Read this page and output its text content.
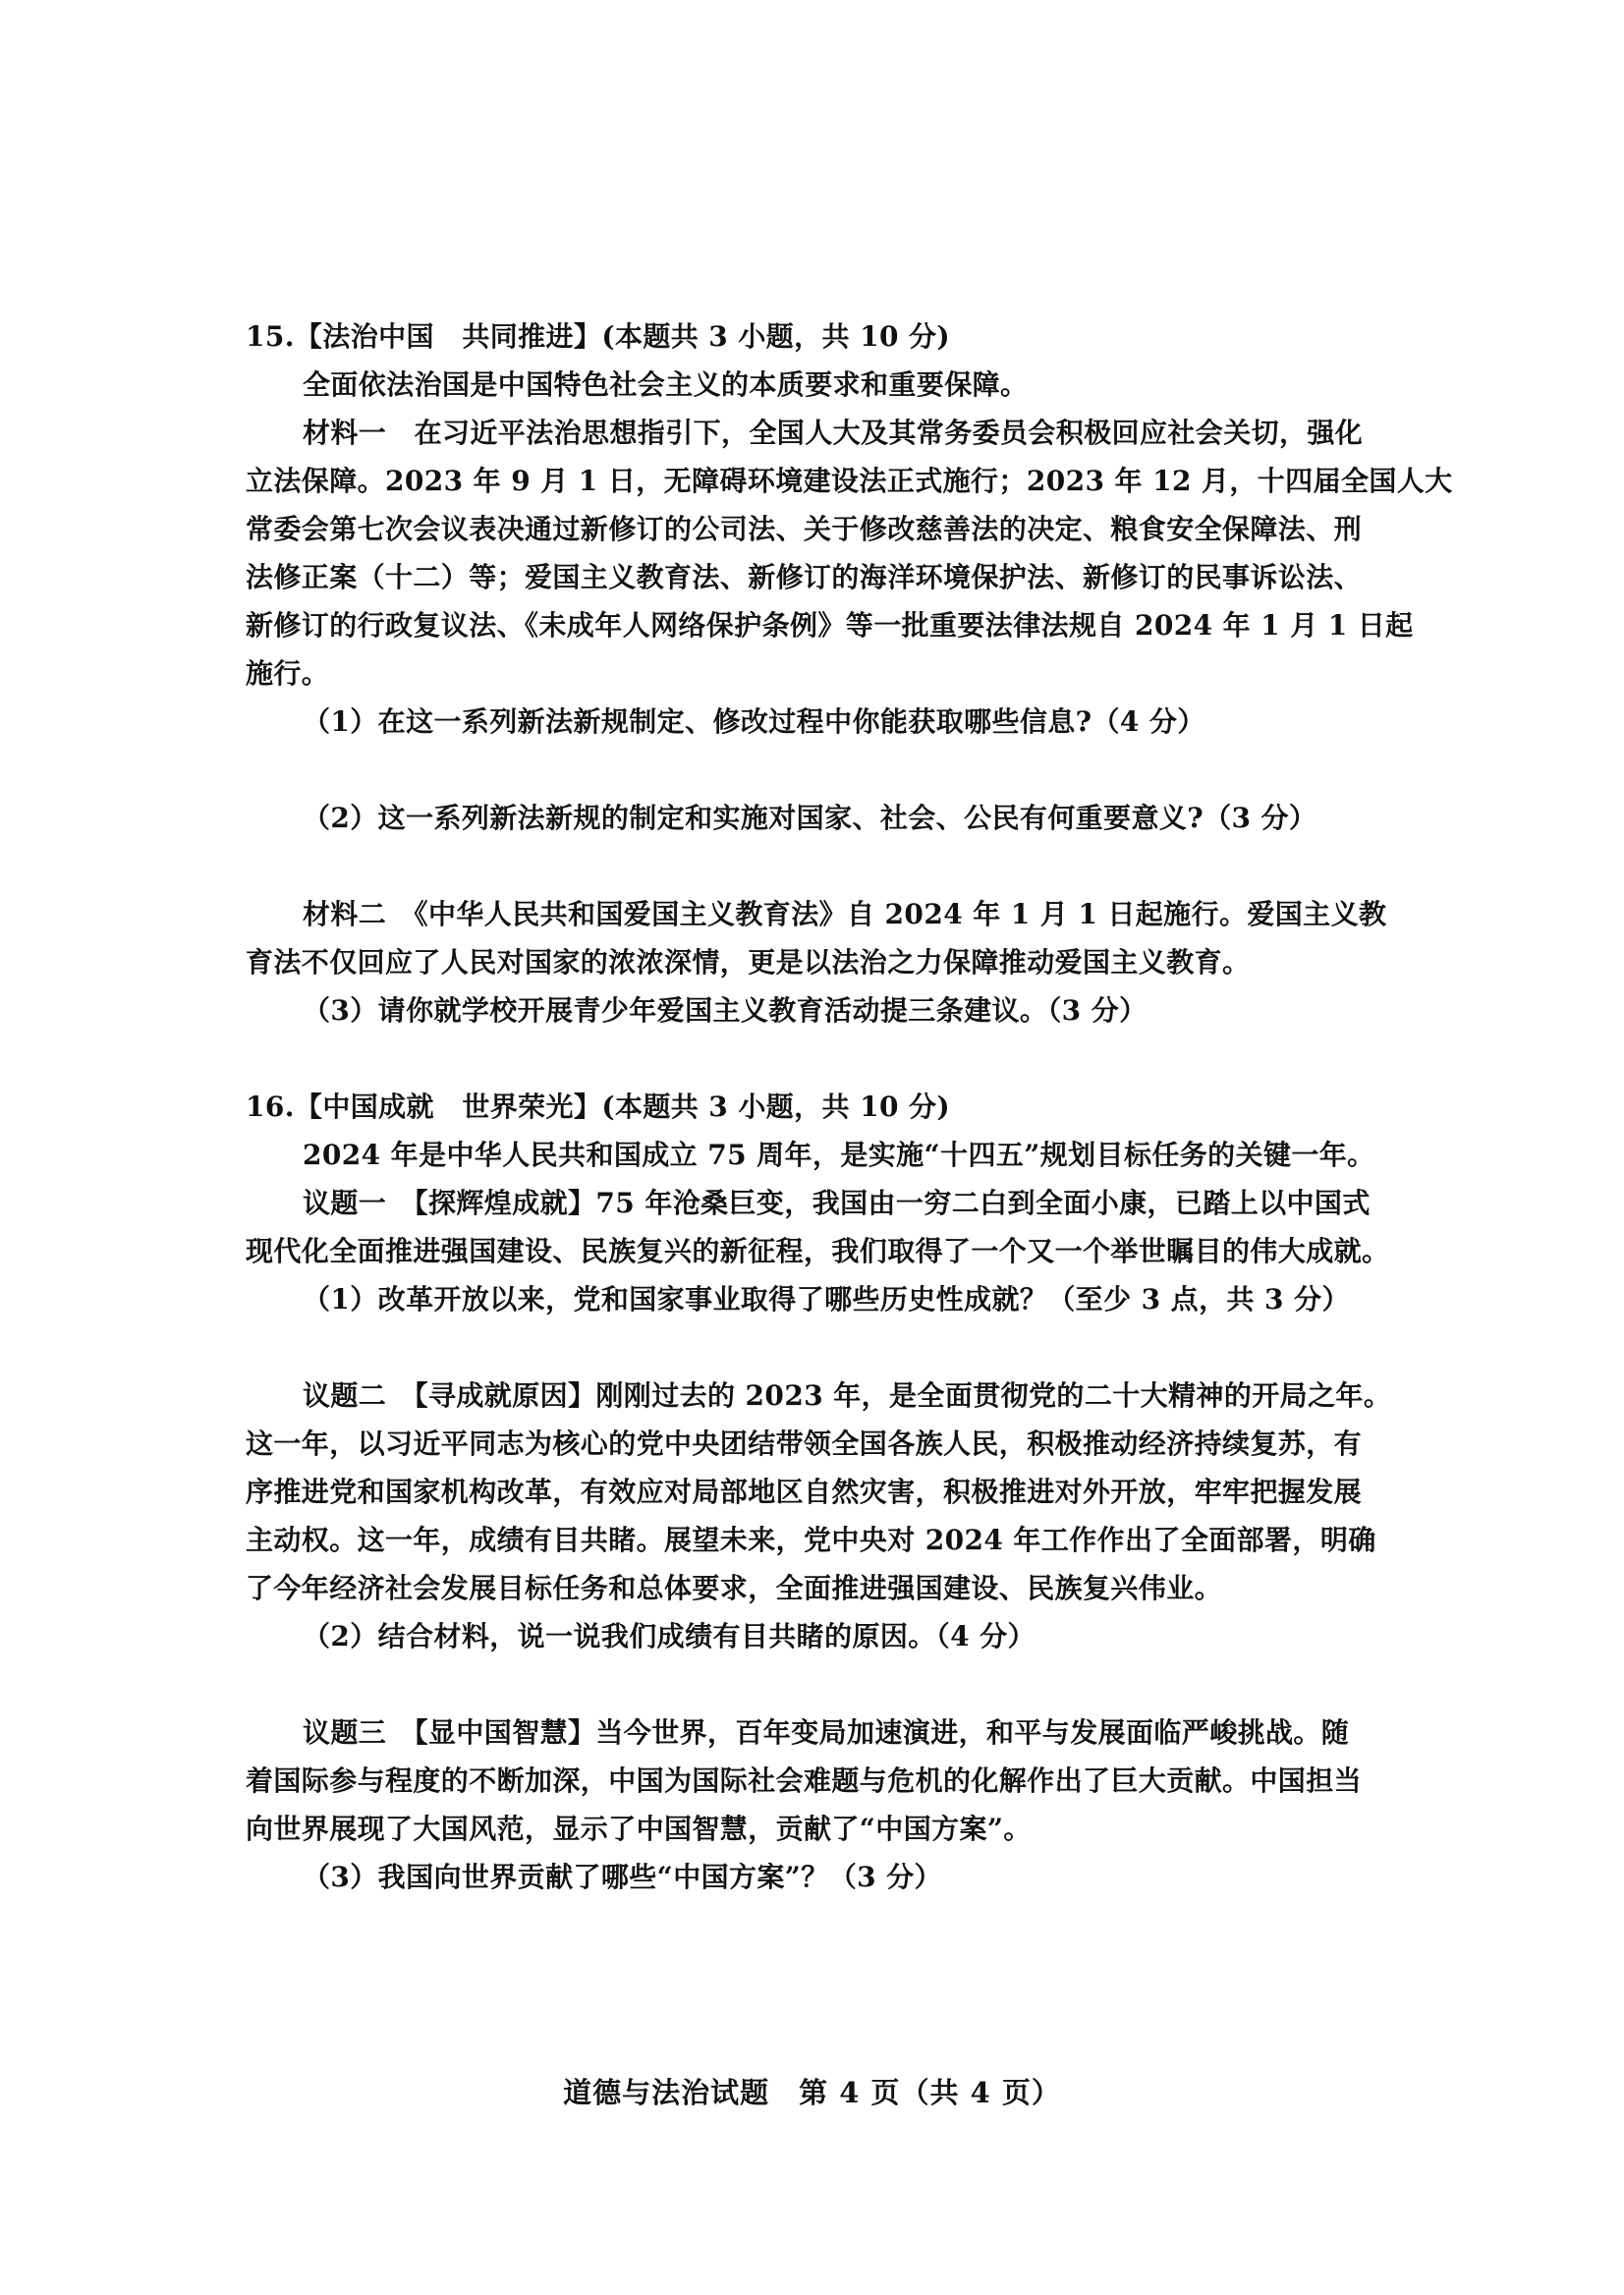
15.【法治中国　共同推进】(本题共 3 小题，共 10 分)
全面依法治国是中国特色社会主义的本质要求和重要保障。
材料一　在习近平法治思想指引下，全国人大及其常务委员会积极回应社会关切，强化
立法保障。2023 年 9 月 1 日，无障碍环境建设法正式施行；2023 年 12 月，十四届全国人大
常委会第七次会议表决通过新修订的公司法、关于修改慈善法的决定、粮食安全保障法、刑
法修正案（十二）等；爱国主义教育法、新修订的海洋环境保护法、新修订的民事诉讼法、
新修订的行政复议法、《未成年人网络保护条例》等一批重要法律法规自 2024 年 1 月 1 日起
施行。
（1）在这一系列新法新规制定、修改过程中你能获取哪些信息?（4 分）
（2）这一系列新法新规的制定和实施对国家、社会、公民有何重要意义?（3 分）
材料二　《中华人民共和国爱国主义教育法》自 2024 年 1 月 1 日起施行。爱国主义教
育法不仅回应了人民对国家的浓浓深情，更是以法治之力保障推动爱国主义教育。
（3）请你就学校开展青少年爱国主义教育活动提三条建议。（3 分）
16.【中国成就　世界荣光】(本题共 3 小题，共 10 分)
2024 年是中华人民共和国成立 75 周年，是实施“十四五”规划目标任务的关键一年。
议题一　【探辉煌成就】75 年沧桑巨变，我国由一穷二白到全面小康，已踏上以中国式
现代化全面推进强国建设、民族复兴的新征程，我们取得了一个又一个举世瞩目的伟大成就。
（1）改革开放以来，党和国家事业取得了哪些历史性成就？（至少 3 点，共 3 分）
议题二　【寻成就原因】刚刚过去的 2023 年，是全面贯彻党的二十大精神的开局之年。
这一年，以习近平同志为核心的党中央团结带领全国各族人民，积极推动经济持续复苏，有
序推进党和国家机构改革，有效应对局部地区自然灾害，积极推进对外开放，牢牢把握发展
主动权。这一年，成绩有目共睹。展望未来，党中央对 2024 年工作作出了全面部署，明确
了今年经济社会发展目标任务和总体要求，全面推进强国建设、民族复兴伟业。
（2）结合材料，说一说我们成绩有目共睹的原因。（4 分）
议题三　【显中国智慧】当今世界，百年变局加速演进，和平与发展面临严峻挑战。随
着国际参与程度的不断加深，中国为国际社会难题与危机的化解作出了巨大贡献。中国担当
向世界展现了大国风范，显示了中国智慧，贡献了“中国方案”。
（3）我国向世界贡献了哪些“中国方案”？（3 分）
道德与法治试题　第 4 页（共 4 页）
